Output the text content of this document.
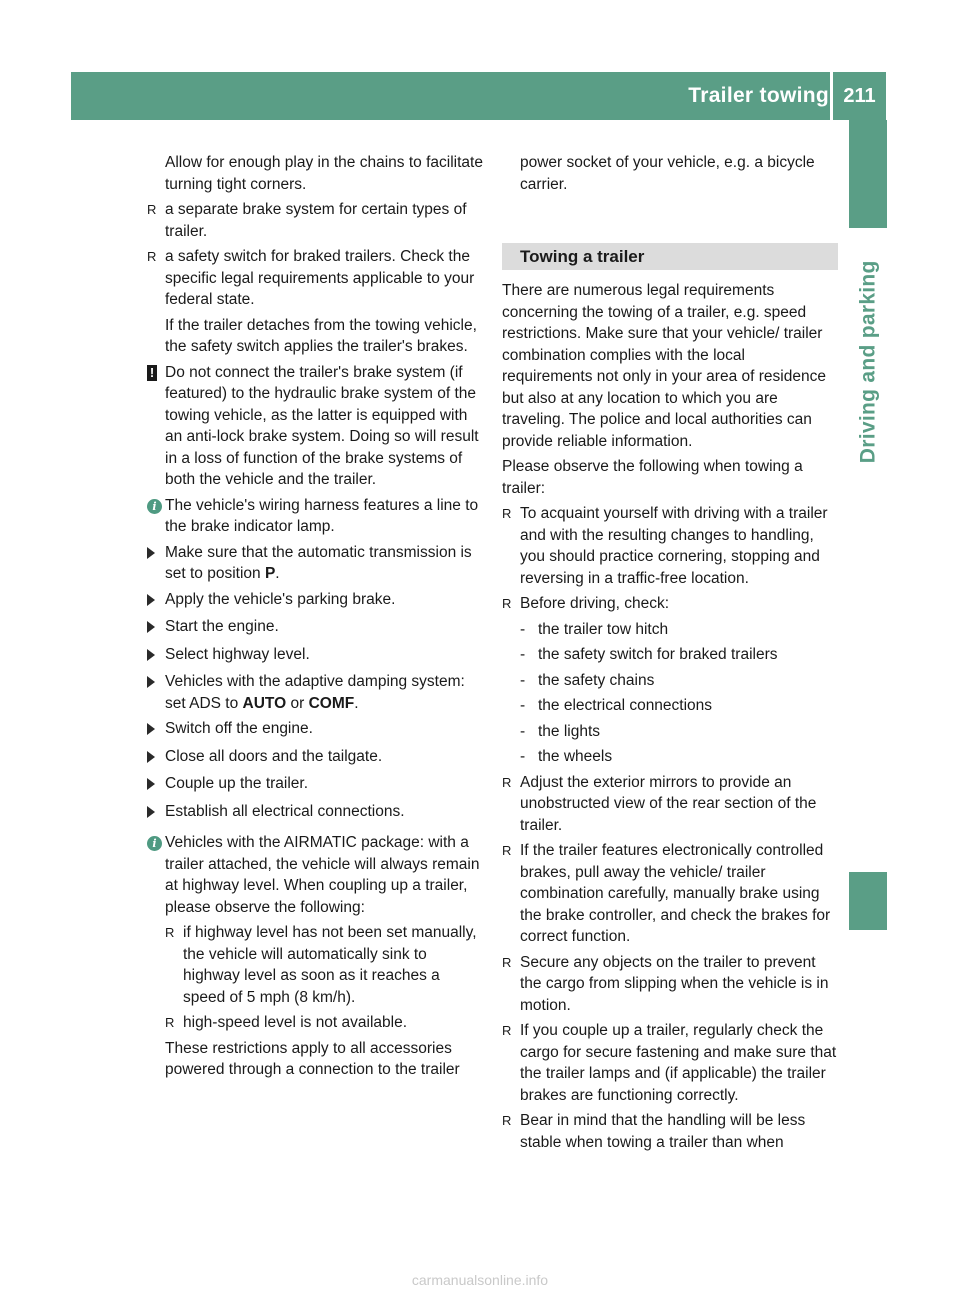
Trailer towing 211
Driving and parking

Allow for enough play in the chains to facilitate turning tight corners.

R a separate brake system for certain types of trailer.
R a safety switch for braked trailers. Check the specific legal requirements applicable to your federal state.

If the trailer detaches from the towing vehicle, the safety switch applies the trailer's brakes.

! Do not connect the trailer's brake system (if featured) to the hydraulic brake system of the towing vehicle, as the latter is equipped with an anti-lock brake system. Doing so will result in a loss of function of the brake systems of both the vehicle and the trailer.
i The vehicle's wiring harness features a line to the brake indicator lamp.
Make sure that the automatic transmission is set to position P.
Apply the vehicle's parking brake.
Start the engine.
Select highway level.
Vehicles with the adaptive damping system: set ADS to AUTO or COMF.
Switch off the engine.
Close all doors and the tailgate.
Couple up the trailer.
Establish all electrical connections.
i Vehicles with the AIRMATIC package: with a trailer attached, the vehicle will always remain at highway level. When coupling up a trailer, please observe the following:
R if highway level has not been set manually, the vehicle will automatically sink to highway level as soon as it reaches a speed of 5 mph (8 km/h).
R high-speed level is not available.

These restrictions apply to all accessories powered through a connection to the trailer

power socket of your vehicle, e.g. a bicycle carrier.

Towing a trailer

There are numerous legal requirements concerning the towing of a trailer, e.g. speed restrictions. Make sure that your vehicle/ trailer combination complies with the local requirements not only in your area of residence but also at any location to which you are traveling. The police and local authorities can provide reliable information.

Please observe the following when towing a trailer:

R To acquaint yourself with driving with a trailer and with the resulting changes to handling, you should practice cornering, stopping and reversing in a traffic-free location.
R Before driving, check:
- the trailer tow hitch
- the safety switch for braked trailers
- the safety chains
- the electrical connections
- the lights
- the wheels
R Adjust the exterior mirrors to provide an unobstructed view of the rear section of the trailer.
R If the trailer features electronically controlled brakes, pull away the vehicle/ trailer combination carefully, manually brake using the brake controller, and check the brakes for correct function.
R Secure any objects on the trailer to prevent the cargo from slipping when the vehicle is in motion.
R If you couple up a trailer, regularly check the cargo for secure fastening and make sure that the trailer lamps and (if applicable) the trailer brakes are functioning correctly.
R Bear in mind that the handling will be less stable when towing a trailer than when
carmanualsonline.info
